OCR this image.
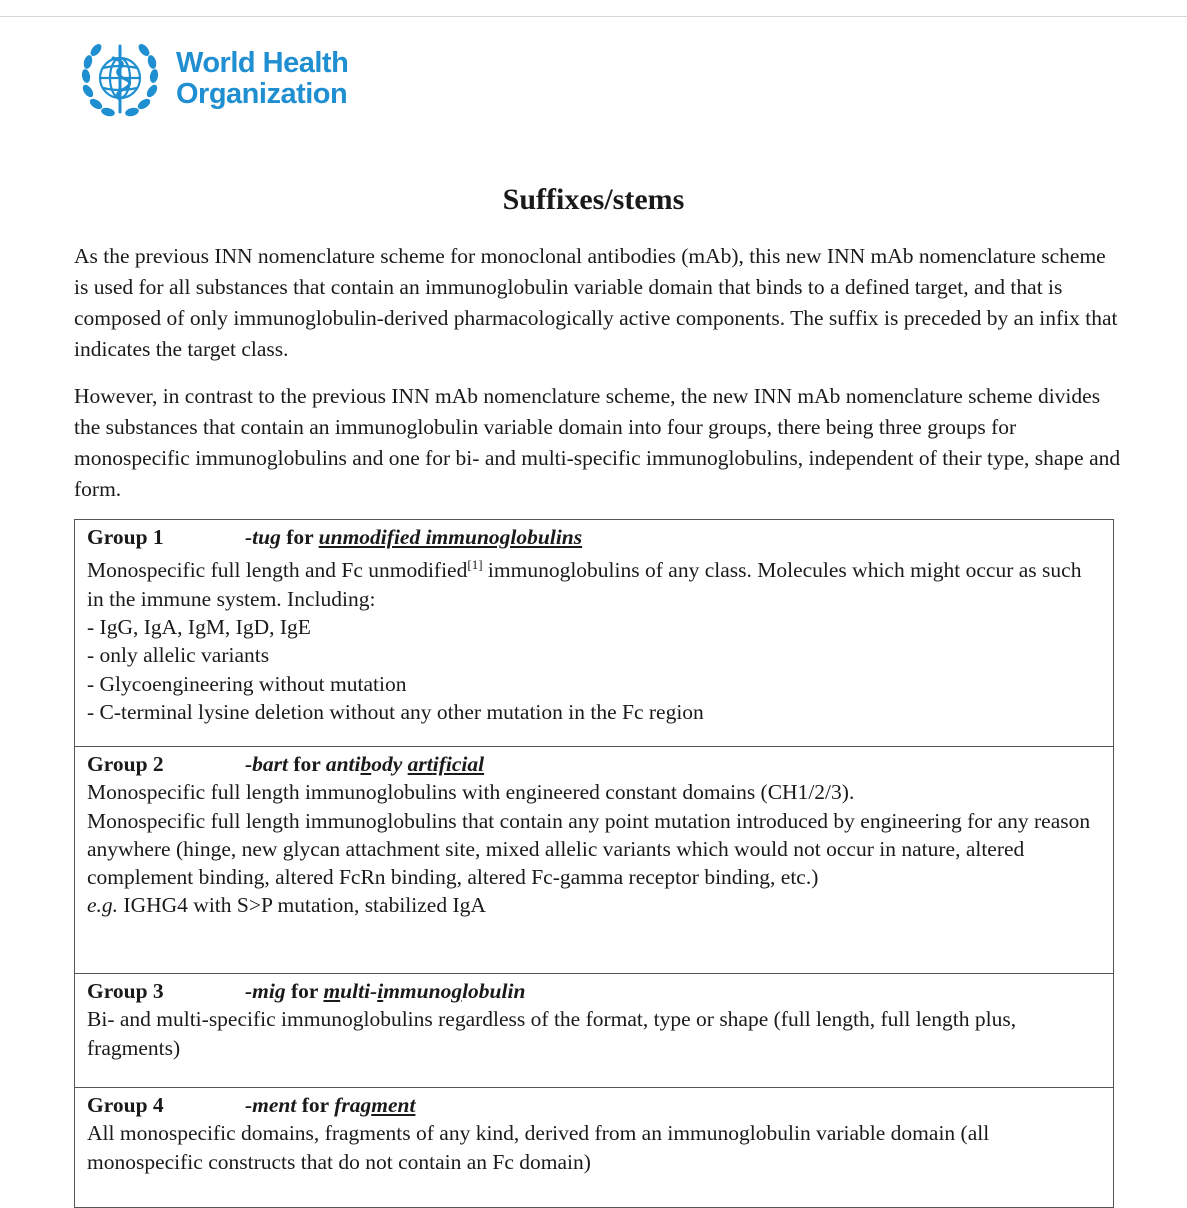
World Health
Organization
Suffixes/stems

As the previous INN nomenclature scheme for monoclonal antibodies (mAb), this new INN mAb nomenclature scheme is used for all substances that contain an immunoglobulin variable domain that binds to a defined target, and that is composed of only immunoglobulin-derived pharmacologically active components. The suffix is preceded by an infix that indicates the target class.

However, in contrast to the previous INN mAb nomenclature scheme, the new INN mAb nomenclature scheme divides the substances that contain an immunoglobulin variable domain into four groups, there being three groups for monospecific immunoglobulins and one for bi- and multi-specific immunoglobulins, independent of their type, shape and form.

Group 1	-tug for unmodified immunoglobulins
Monospecific full length and Fc unmodified[1] immunoglobulins of any class. Molecules which might occur as such in the immune system. Including:
- IgG, IgA, IgM, IgD, IgE
- only allelic variants
- Glycoengineering without mutation
- C-terminal lysine deletion without any other mutation in the Fc region
Group 2	-bart for antibody artificial
Monospecific full length immunoglobulins with engineered constant domains (CH1/2/3).
Monospecific full length immunoglobulins that contain any point mutation introduced by engineering for any reason anywhere (hinge, new glycan attachment site, mixed allelic variants which would not occur in nature, altered complement binding, altered FcRn binding, altered Fc-gamma receptor binding, etc.)
e.g. IGHG4 with S>P mutation, stabilized IgA
Group 3	-mig for multi-immunoglobulin
Bi- and multi-specific immunoglobulins regardless of the format, type or shape (full length, full length plus, fragments)
Group 4	-ment for fragment
All monospecific domains, fragments of any kind, derived from an immunoglobulin variable domain (all monospecific constructs that do not contain an Fc domain)
